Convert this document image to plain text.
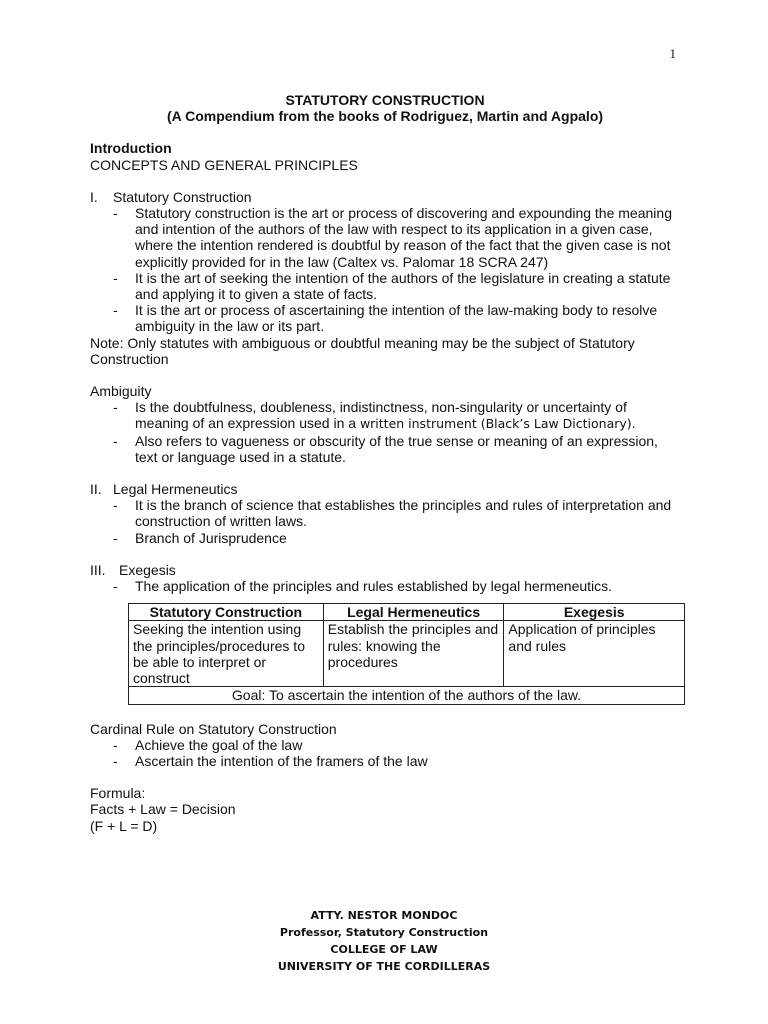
1

STATUTORY CONSTRUCTION

(A Compendium from the books of Rodriguez, Martin and Agpalo)

Introduction

CONCEPTS AND GENERAL PRINCIPLES

I.	Statutory Construction
- Statutory construction is the art or process of discovering and expounding the meaning and intention of the authors of the law with respect to its application in a given case, where the intention rendered is doubtful by reason of the fact that the given case is not explicitly provided for in the law (Caltex vs. Palomar 18 SCRA 247)
- It is the art of seeking the intention of the authors of the legislature in creating a statute and applying it to given a state of facts.
- It is the art or process of ascertaining the intention of the law-making body to resolve ambiguity in the law or its part.

Note: Only statutes with ambiguous or doubtful meaning may be the subject of Statutory Construction

Ambiguity

- Is the doubtfulness, doubleness, indistinctness, non-singularity or uncertainty of meaning of an expression used in a written instrument (Black’s Law Dictionary).
- Also refers to vagueness or obscurity of the true sense or meaning of an expression, text or language used in a statute.
II. Legal Hermeneutics
- It is the branch of science that establishes the principles and rules of interpretation and construction of written laws.
- Branch of Jurisprudence
III. Exegesis
- The application of the principles and rules established by legal hermeneutics.
Statutory Construction	Legal Hermeneutics	Exegesis
Seeking the intention using the principles/procedures to be able to interpret or construct	Establish the principles and rules: knowing the procedures	Application of principles and rules
Goal: To ascertain the intention of the authors of the law.		

Cardinal Rule on Statutory Construction

- Achieve the goal of the law
- Ascertain the intention of the framers of the law

Formula:

Facts + Law = Decision

(F + L = D)

ATTY. NESTOR MONDOC
Professor, Statutory Construction
COLLEGE OF LAW
UNIVERSITY OF THE CORDILLERAS
